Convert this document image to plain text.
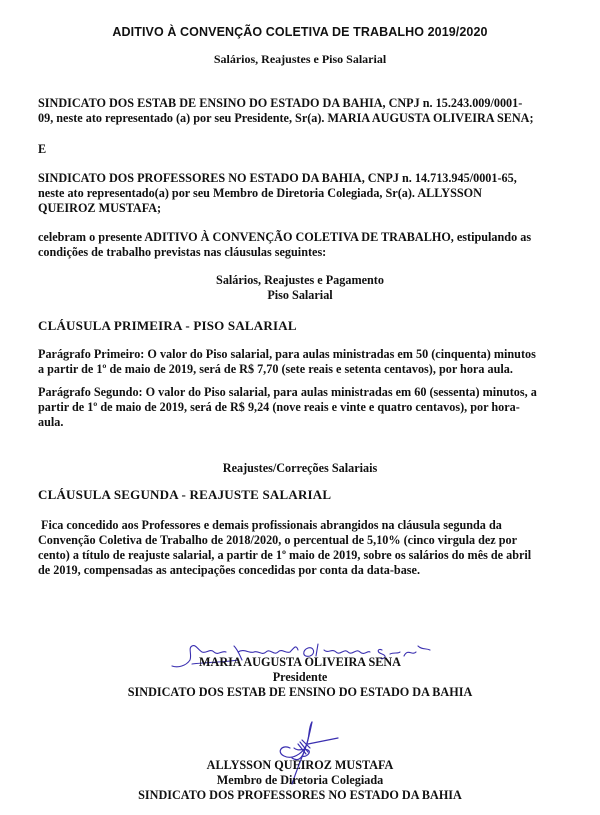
ADITIVO À CONVENÇÃO COLETIVA DE TRABALHO 2019/2020
Salários, Reajustes e Piso Salarial
SINDICATO DOS ESTAB DE ENSINO DO ESTADO DA BAHIA, CNPJ n. 15.243.009/0001-
09, neste ato representado (a) por seu Presidente, Sr(a). MARIA AUGUSTA OLIVEIRA SENA;
E
SINDICATO DOS PROFESSORES NO ESTADO DA BAHIA, CNPJ n. 14.713.945/0001-65,
neste ato representado(a) por seu Membro de Diretoria Colegiada, Sr(a). ALLYSSON
QUEIROZ MUSTAFA;
celebram o presente ADITIVO À CONVENÇÃO COLETIVA DE TRABALHO, estipulando as
condições de trabalho previstas nas cláusulas seguintes:
Salários, Reajustes e Pagamento
Piso Salarial
CLÁUSULA PRIMEIRA - PISO SALARIAL
Parágrafo Primeiro: O valor do Piso salarial, para aulas ministradas em 50 (cinquenta) minutos
a partir de 1º de maio de 2019, será de R$ 7,70 (sete reais e setenta centavos), por hora aula.
Parágrafo Segundo: O valor do Piso salarial, para aulas ministradas em 60 (sessenta) minutos, a
partir de 1º de maio de 2019, será de R$ 9,24 (nove reais e vinte e quatro centavos), por hora-
aula.
Reajustes/Correções Salariais
CLÁUSULA SEGUNDA - REAJUSTE SALARIAL
Fica concedido aos Professores e demais profissionais abrangidos na cláusula segunda da
Convenção Coletiva de Trabalho de 2018/2020, o percentual de 5,10% (cinco virgula dez por
cento) a título de reajuste salarial, a partir de 1º maio de 2019, sobre os salários do mês de abril
de 2019, compensadas as antecipações concedidas por conta da data-base.
MARIA AUGUSTA OLIVEIRA SENA
Presidente
SINDICATO DOS ESTAB DE ENSINO DO ESTADO DA BAHIA
ALLYSSON QUEIROZ MUSTAFA
Membro de Diretoria Colegiada
SINDICATO DOS PROFESSORES NO ESTADO DA BAHIA
